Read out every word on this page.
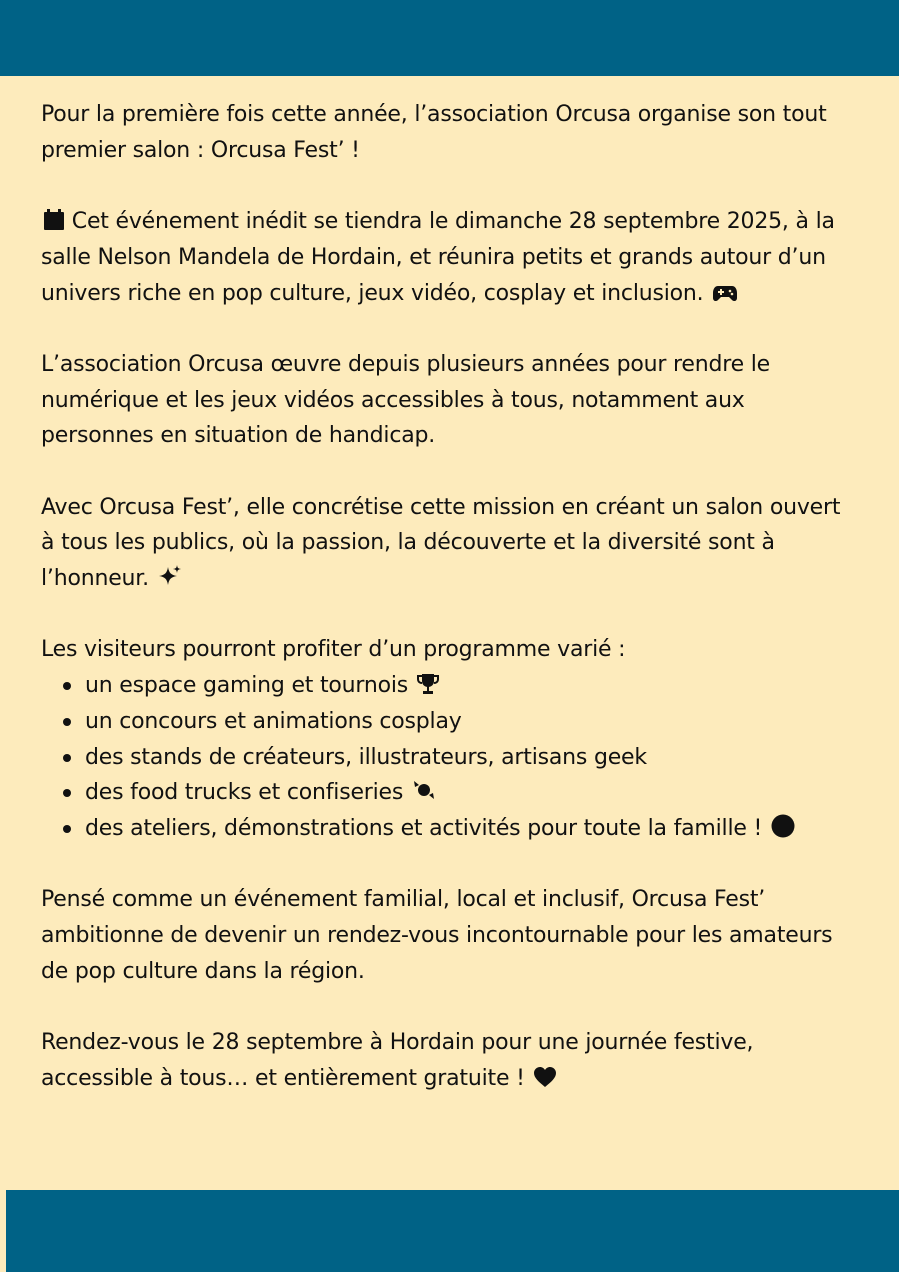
Pour la première fois cette année, l’association Orcusa organise son tout premier salon : Orcusa Fest’ !

Cet événement inédit se tiendra le dimanche 28 septembre 2025, à la salle Nelson Mandela de Hordain, et réunira petits et grands autour d’un univers riche en pop culture, jeux vidéo, cosplay et inclusion.

L’association Orcusa œuvre depuis plusieurs années pour rendre le numérique et les jeux vidéos accessibles à tous, notamment aux personnes en situation de handicap.

Avec Orcusa Fest’, elle concrétise cette mission en créant un salon ouvert à tous les publics, où la passion, la découverte et la diversité sont à l’honneur.

Les visiteurs pourront profiter d’un programme varié :
un espace gaming et tournois
un concours et animations cosplay
des stands de créateurs, illustrateurs, artisans geek
des food trucks et confiseries
des ateliers, démonstrations et activités pour toute la famille !

Pensé comme un événement familial, local et inclusif, Orcusa Fest’ ambitionne de devenir un rendez-vous incontournable pour les amateurs de pop culture dans la région.

Rendez-vous le 28 septembre à Hordain pour une journée festive, accessible à tous… et entièrement gratuite !
